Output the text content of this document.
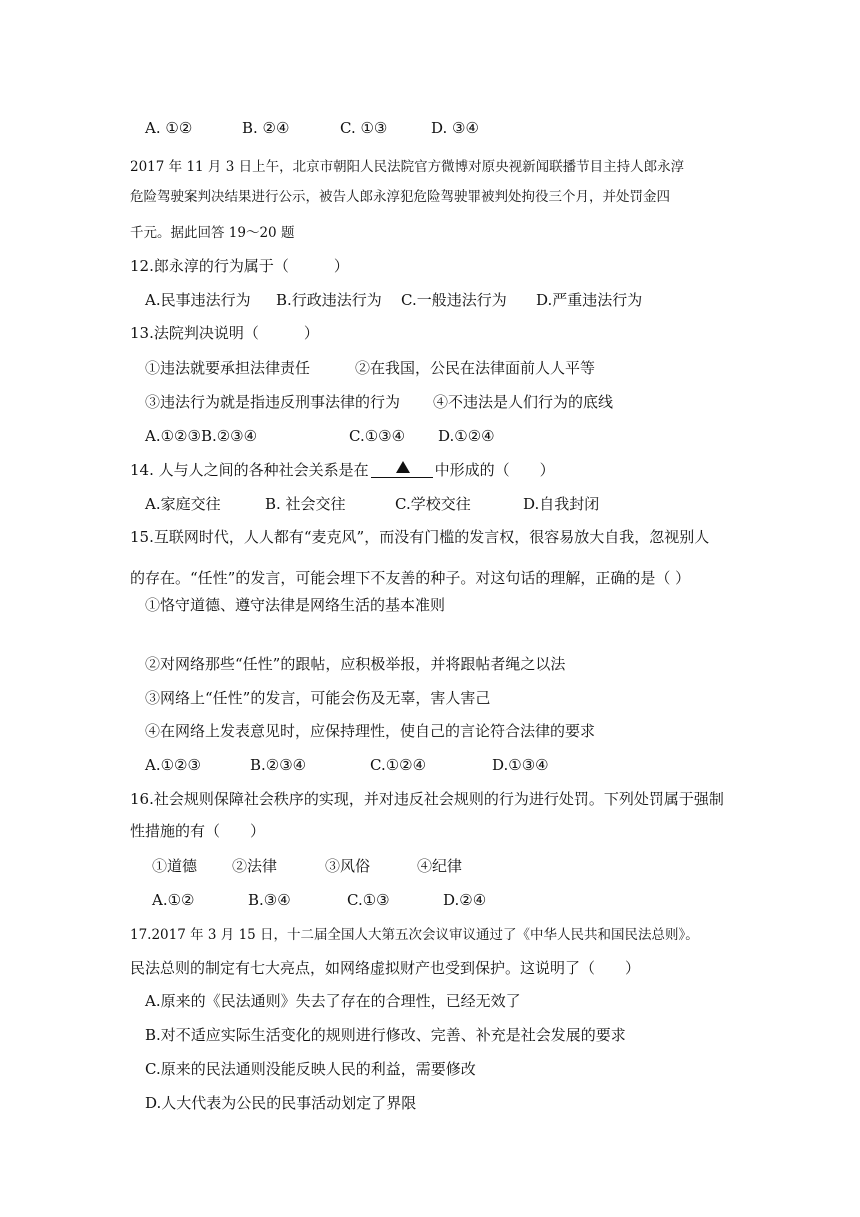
A. ①②	B. ②④	C. ①③	D. ③④
2017 年 11 月 3 日上午，北京市朝阳人民法院官方微博对原央视新闻联播节目主持人郎永淳
危险驾驶案判决结果进行公示，被告人郎永淳犯危险驾驶罪被判处拘役三个月，并处罚金四
千元。据此回答 19～20 题
12.郎永淳的行为属于（　　　）
A.民事违法行为 B.行政违法行为 C.一般违法行为 D.严重违法行为
13.法院判决说明（　　　）
①违法就要承担法律责任	②在我国，公民在法律面前人人平等
③违法行为就是指违反刑事法律的行为 ④不违法是人们行为的底线
A.①②③B.②③④	C.①③④ D.①②④
14. 人与人之间的各种社会关系是在	中形成的（　　）
A.家庭交往	B. 社会交往	C.学校交往	D.自我封闭
15.互联网时代，人人都有“麦克风”，而没有门槛的发言权，很容易放大自我，忽视别人
的存在。“任性”的发言，可能会埋下不友善的种子。对这句话的理解，正确的是（ ）
①恪守道德、遵守法律是网络生活的基本准则
②对网络那些“任性”的跟帖，应积极举报，并将跟帖者绳之以法
③网络上“任性”的发言，可能会伤及无辜，害人害己
④在网络上发表意见时，应保持理性，使自己的言论符合法律的要求
A.①②③	B.②③④	C.①②④	D.①③④
16.社会规则保障社会秩序的实现，并对违反社会规则的行为进行处罚。下列处罚属于强制
性措施的有（　　）
①道德 ②法律	③风俗	④纪律
A.①②	B.③④	C.①③	D.②④
17.2017 年 3 月 15 日，十二届全国人大第五次会议审议通过了《中华人民共和国民法总则》。
民法总则的制定有七大亮点，如网络虚拟财产也受到保护。这说明了（　　）
A.原来的《民法通则》失去了存在的合理性，已经无效了
B.对不适应实际生活变化的规则进行修改、完善、补充是社会发展的要求
C.原来的民法通则没能反映人民的利益，需要修改
D.人大代表为公民的民事活动划定了界限
